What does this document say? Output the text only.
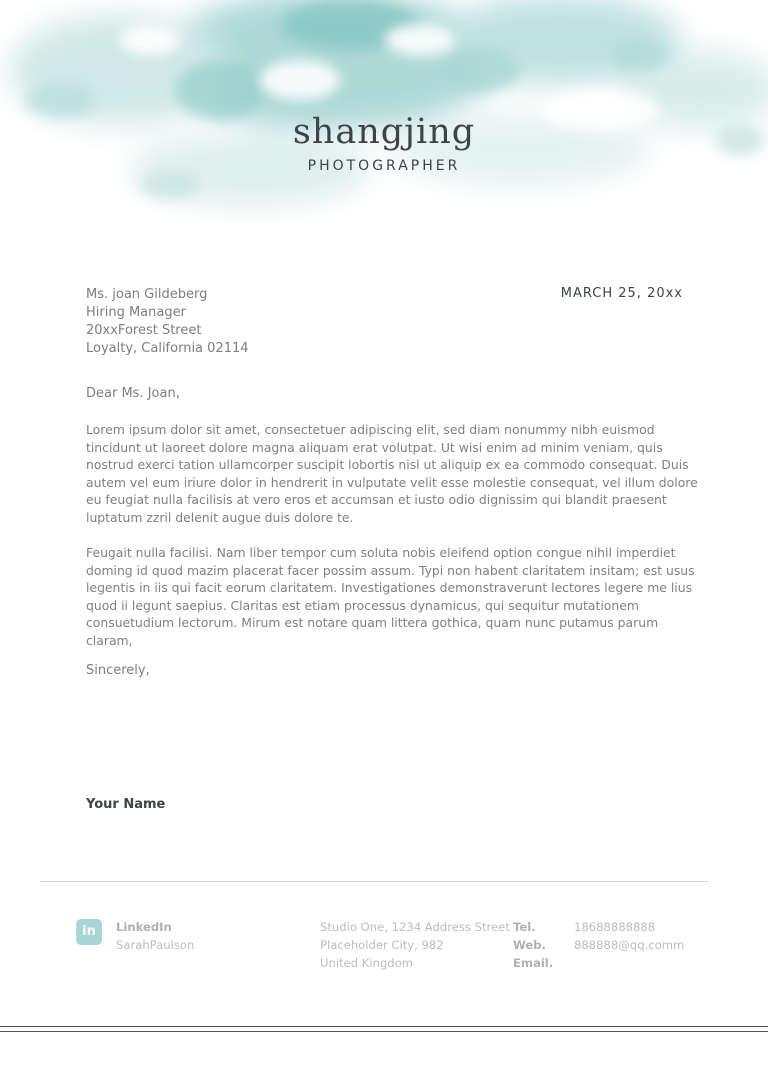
shangjing
PHOTOGRAPHER
Ms. joan Gildeberg
Hiring Manager
20xxForest Street
Loyalty, California 02114
MARCH 25, 20xx
Dear Ms. Joan,

Lorem ipsum dolor sit amet, consectetuer adipiscing elit, sed diam nonummy nibh euismod tincidunt ut laoreet dolore magna aliquam erat volutpat. Ut wisi enim ad minim veniam, quis nostrud exerci tation ullamcorper suscipit lobortis nisl ut aliquip ex ea commodo consequat. Duis autem vel eum iriure dolor in hendrerit in vulputate velit esse molestie consequat, vel illum dolore eu feugiat nulla facilisis at vero eros et accumsan et iusto odio dignissim qui blandit praesent luptatum zzril delenit augue duis dolore te.

Feugait nulla facilisi. Nam liber tempor cum soluta nobis eleifend option congue nihil imperdiet doming id quod mazim placerat facer possim assum. Typi non habent claritatem insitam; est usus legentis in iis qui facit eorum claritatem. Investigationes demonstraverunt lectores legere me lius quod ii legunt saepius. Claritas est etiam processus dynamicus, qui sequitur mutationem consuetudium lectorum. Mirum est notare quam littera gothica, quam nunc putamus parum claram,

Sincerely,
Your Name
in	LinkedIn
SarahPaulson
Studio One, 1234 Address Street
Placeholder City, 982
United Kingdom
Tel.
Web.
Email.
18688888888
888888@qq.comm
